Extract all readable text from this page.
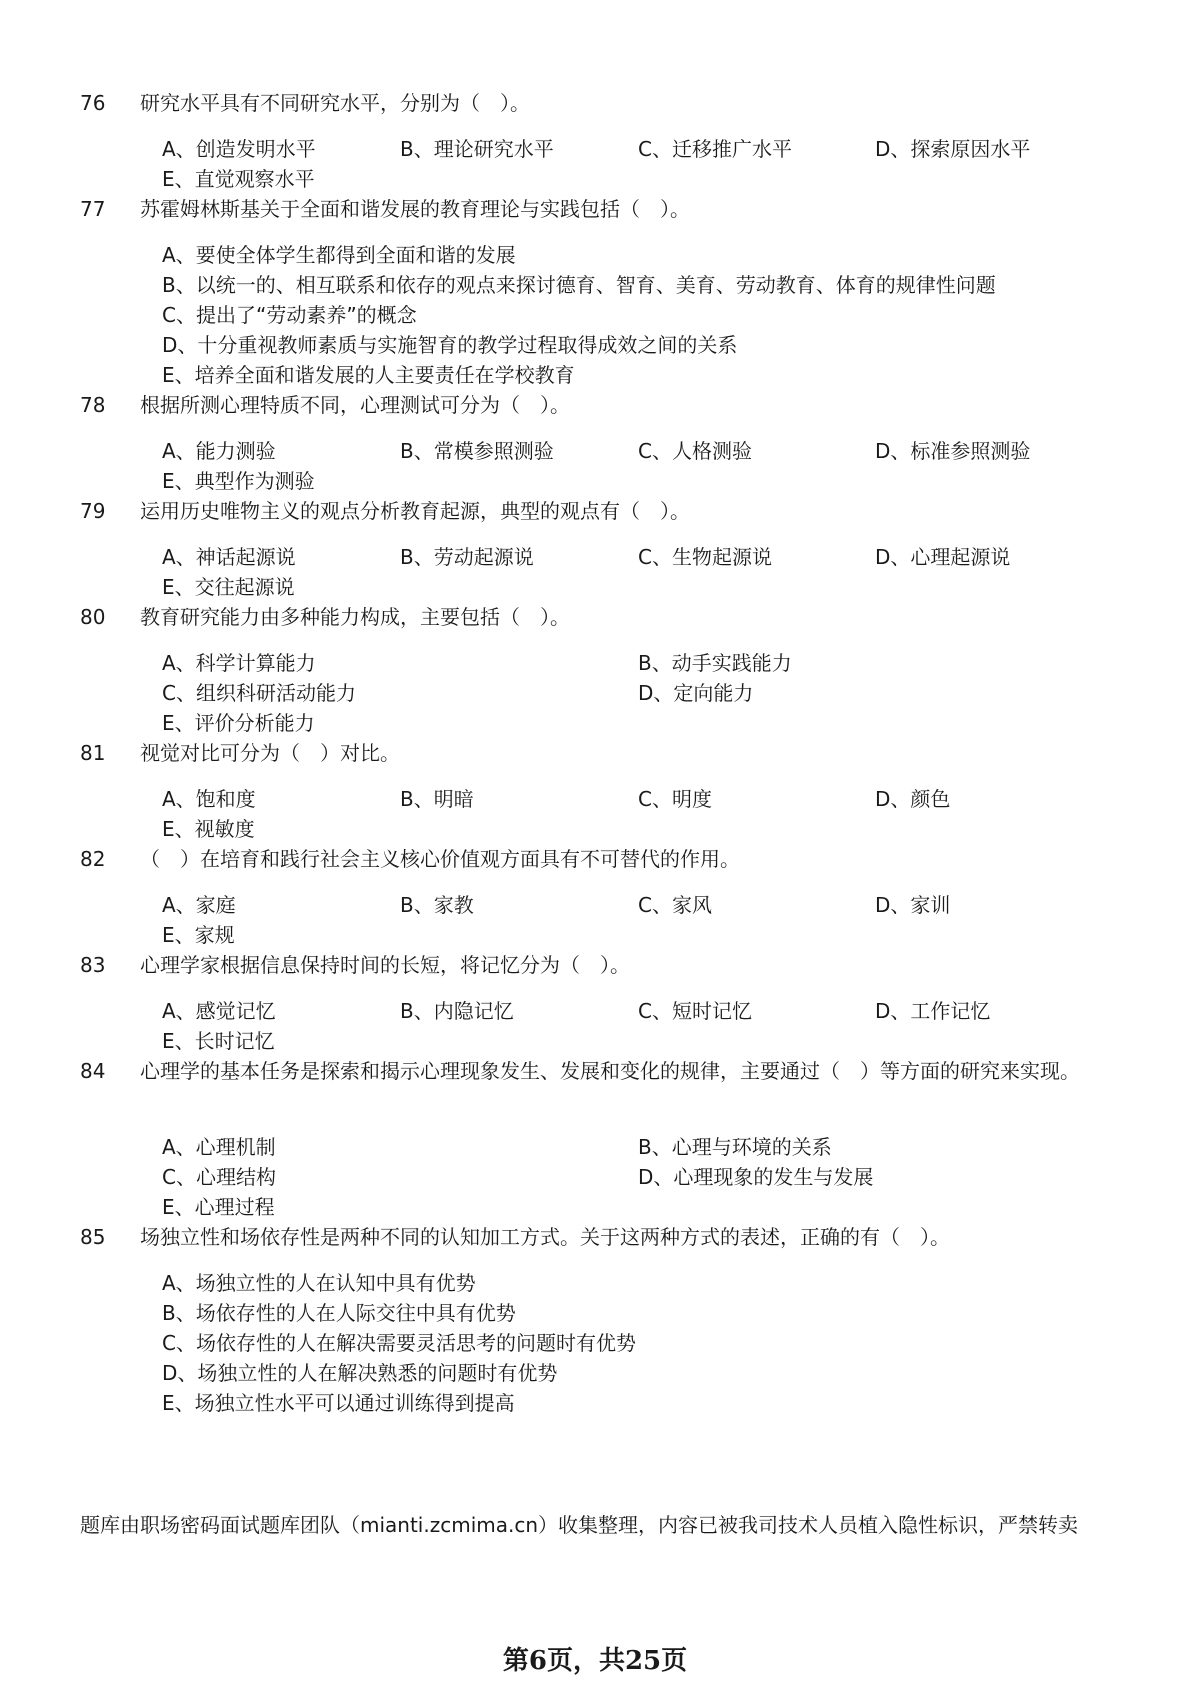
76 研究水平具有不同研究水平，分别为（　）。
A、创造发明水平	B、理论研究水平	C、迁移推广水平	D、探索原因水平
E、直觉观察水平
77 苏霍姆林斯基关于全面和谐发展的教育理论与实践包括（　）。
A、要使全体学生都得到全面和谐的发展
B、以统一的、相互联系和依存的观点来探讨德育、智育、美育、劳动教育、体育的规律性问题
C、提出了“劳动素养”的概念
D、十分重视教师素质与实施智育的教学过程取得成效之间的关系
E、培养全面和谐发展的人主要责任在学校教育
78 根据所测心理特质不同，心理测试可分为（　）。
A、能力测验	B、常模参照测验	C、人格测验	D、标准参照测验
E、典型作为测验
79 运用历史唯物主义的观点分析教育起源，典型的观点有（　）。
A、神话起源说	B、劳动起源说	C、生物起源说	D、心理起源说
E、交往起源说
80 教育研究能力由多种能力构成，主要包括（　）。
A、科学计算能力	B、动手实践能力
C、组织科研活动能力	D、定向能力
E、评价分析能力
81 视觉对比可分为（　）对比。
A、饱和度	B、明暗	C、明度	D、颜色
E、视敏度
82 （　）在培育和践行社会主义核心价值观方面具有不可替代的作用。
A、家庭	B、家教	C、家风	D、家训
E、家规
83 心理学家根据信息保持时间的长短，将记忆分为（　）。
A、感觉记忆	B、内隐记忆	C、短时记忆	D、工作记忆
E、长时记忆
84 心理学的基本任务是探索和揭示心理现象发生、发展和变化的规律，主要通过（　）等方面的研究来实现。
A、心理机制	B、心理与环境的关系
C、心理结构	D、心理现象的发生与发展
E、心理过程
85 场独立性和场依存性是两种不同的认知加工方式。关于这两种方式的表述，正确的有（　）。
A、场独立性的人在认知中具有优势
B、场依存性的人在人际交往中具有优势
C、场依存性的人在解决需要灵活思考的问题时有优势
D、场独立性的人在解决熟悉的问题时有优势
E、场独立性水平可以通过训练得到提高
题库由职场密码面试题库团队（mianti.zcmima.cn）收集整理，内容已被我司技术人员植入隐性标识，严禁转卖
第6页，共25页
